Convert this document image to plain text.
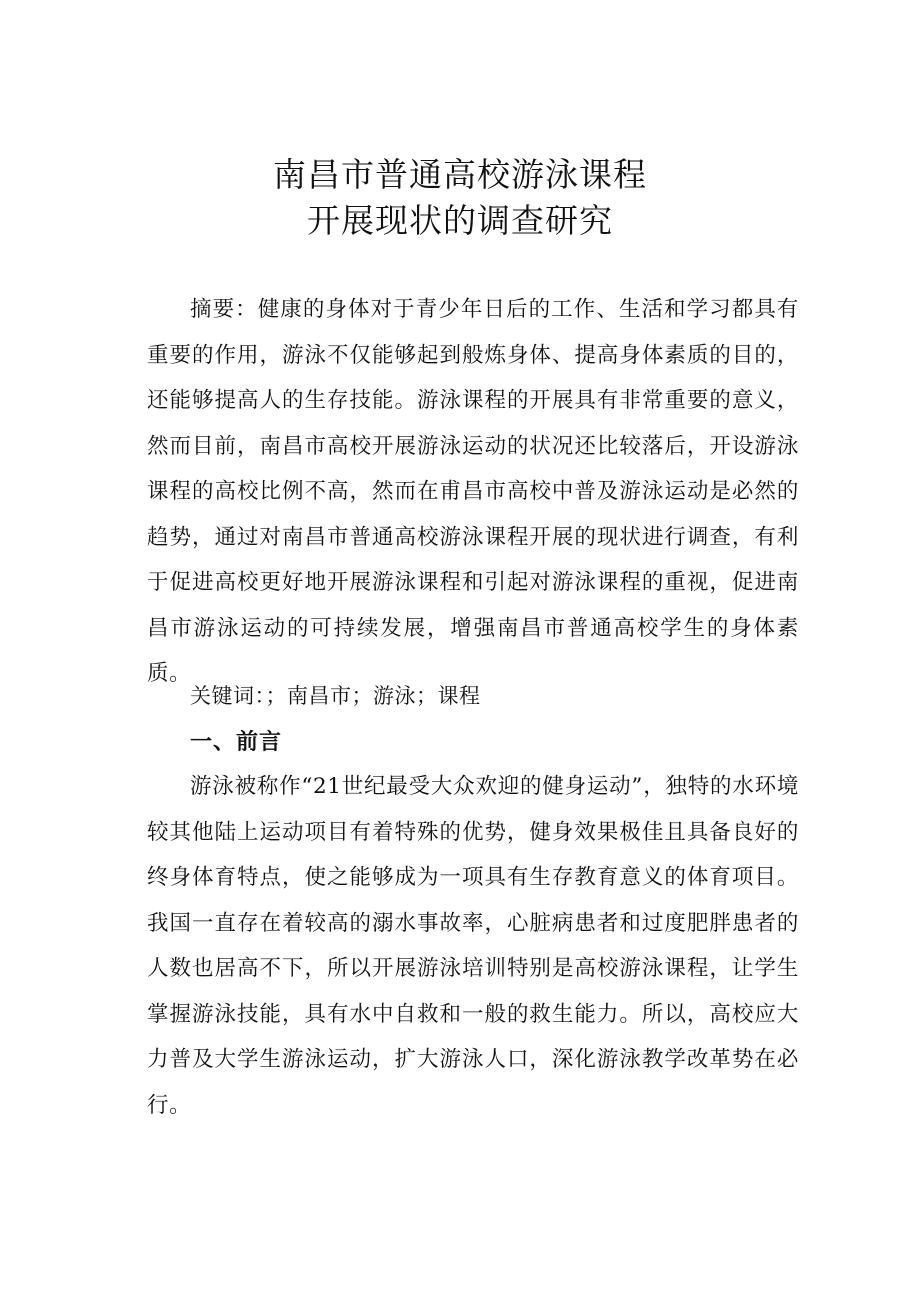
南昌市普通高校游泳课程
开展现状的调查研究
摘要：健康的身体对于青少年日后的工作、生活和学习都具有重要的作用，游泳不仅能够起到般炼身体、提高身体素质的目的，还能够提高人的生存技能。游泳课程的开展具有非常重要的意义，然而目前，南昌市高校开展游泳运动的状况还比较落后，开设游泳课程的高校比例不高，然而在甫昌市高校中普及游泳运动是必然的趋势，通过对南昌市普通高校游泳课程开展的现状进行调查，有利于促进高校更好地开展游泳课程和引起对游泳课程的重视，促进南昌市游泳运动的可持续发展，增强南昌市普通高校学生的身体素质。
关键词：；南昌市；游泳；课程
一、前言
游泳被称作“21世纪最受大众欢迎的健身运动”，独特的水环境较其他陆上运动项目有着特殊的优势，健身效果极佳且具备良好的终身体育特点，使之能够成为一项具有生存教育意义的体育项目。我国一直存在着较高的溺水事故率，心脏病患者和过度肥胖患者的人数也居高不下，所以开展游泳培训特别是高校游泳课程，让学生掌握游泳技能，具有水中自救和一般的救生能力。所以，高校应大力普及大学生游泳运动，扩大游泳人口，深化游泳教学改革势在必行。
